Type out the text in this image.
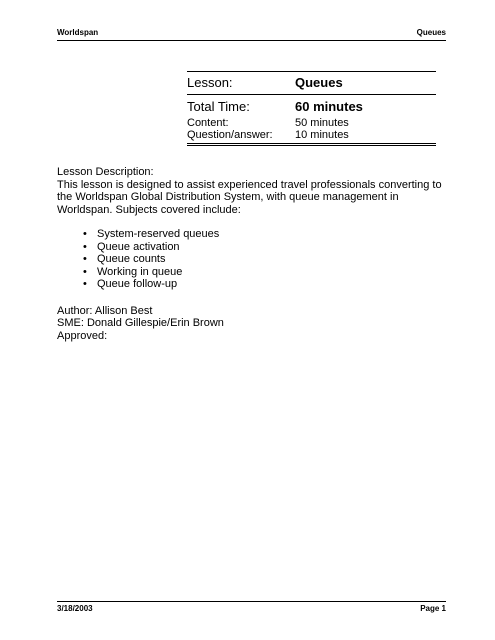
Worldspan	Queues
Lesson:	Queues
Total Time:	60 minutes
Content:	50 minutes
Question/answer:	10 minutes

Lesson Description:

This lesson is designed to assist experienced travel professionals converting to the Worldspan Global Distribution System, with queue management in Worldspan. Subjects covered include:

• System-reserved queues
• Queue activation
• Queue counts
• Working in queue
• Queue follow-up

Author: Allison Best

SME: Donald Gillespie/Erin Brown

Approved:

3/18/2003	Page 1
